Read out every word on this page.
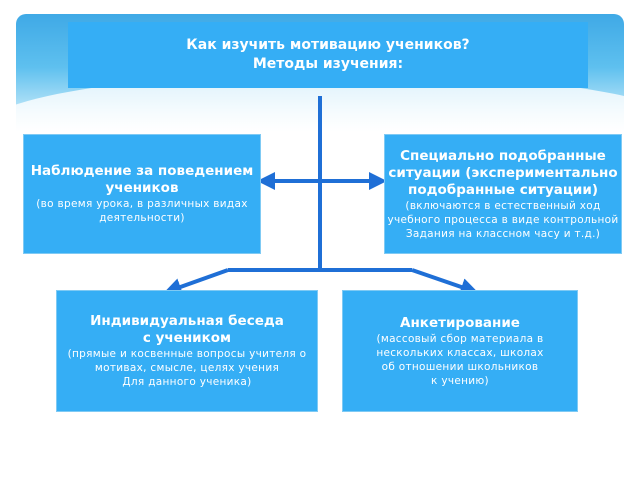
Как изучить мотивацию учеников?
Методы изучения:
Наблюдение за поведением
учеников
(во время урока, в различных видах
деятельности)
Специально подобранные
ситуации (экспериментально
подобранные ситуации)
(включаются в естественный ход
учебного процесса в виде контрольной
Задания на классном часу и т.д.)
Индивидуальная беседа
с учеником
(прямые и косвенные вопросы учителя о
мотивах, смысле, целях учения
Для данного ученика)
Анкетирование
(массовый сбор материала в
нескольких классах, школах
об отношении школьников
к учению)
